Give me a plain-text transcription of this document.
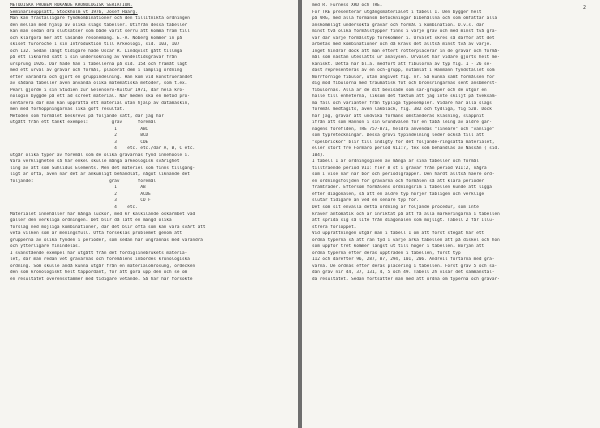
METODISKA PROBEM ROKANDE KRONOLOGISK SERIATION.
Seminarieuppsatt, Stockholm vt 1976, Josef Haarg.
Man kan fraställigare fyndkombinationer och den tillitnikta ordningen
den mellan med hjälp av olika slags tabeller. Utifrån dessa tabeller
kan man sedan dra slutsatser som både varit serru att komma fram till
och klargöra mer att läsande resonemang. E.-A. Nöberg kommer in på
skiset furoroche i sin Introduktion till Arkeologi, sid. 103, 107
och 132. Sedan långt tidigare hade Oscar R. Lindqvist gått tillmga
på ett liknarnd sätt i sin undersökning av Vendeltidsgravar från
ursprung 1926. Där hade han i tabellerna på sid. 154 och framåt lagt
med ett urval av gravar och förmål, placerat dem i lämplig ordning
efter varandra och gjort en gruppindelning. Han kom vid konstruerandet
av sådana tabeller även använda olika matematiska metoder, som t.ex.
Pearl gjorde i sin Studien zur Gelenserv-Kultur 1971, där hela kro-
nologin byggde på ett ad screet material. När meden ska en metod pro-
sentarera där man kan upprätta ett material utan hjälp av datamaskin,
men med förhoppningarnas likä goft resultat.
Metoden som förmålet beskrevs på följande sätt, där jag har
utgått från ett tänkt exempel:         grav      föremål
1         ABC
2         BCD
3         CDE
4    etc. etc./där A, B, C etc.
utgår olika typer av föremål som de olika gravarnas fynd innehöole i.
Vara verkligheten så här enkel skulle många arkeologisk svårighet
ling av att som Suhlidus Elements. Men det materiel som finns tillgäng-
ligt är ofta, även när det är ankumligt behandlat, något liknande det
följande:                             grav       föremål
1         AB
2         ACDE
3         CD F
4    etc.
Materialet innehåller här många luckor, med kr kälkilände oskärmbet vad
gäller den verkliga ordningen. Det blir då lätt en mängd olika
förslag ned möjliga kombinationer, där det blir ofta som kan vara svårt att
veta vilken som är meningsfull. Ofta förseklas problemet genom att
grupperna av olika fynden i perioder, som sedan har ungrännas med varandra
och ytterligare finindelas.
I svanstående exempel har utgått från det fördiglinebrukets materia-
let, där man redan vet gravarnas och föremålens inbördes kronologiska
ordning. Som skulle ändå kunna utgår från en materialomrösung, ordecken
den som kronologiskt helt tappordant, för att göra upp den och se om
en resultatet överensstämmer med tidigare vetande. Så har här försökte
2
med R. Furness XRD och TRE.
För TRE presenterar utgångsmaterialet i tabell 1. Den bygger helt
på VRG, med alla förmänsm betockningar bibehållna och som omfattar alla
anskommligt undersökta gravar och förmål i kombination. D.v.s. där
minst två olika förmålstypper finns i varje grav och med minst två gra-
var där varje förmålstyp förekommer i. Urvalet skres så därför att det
arbetas med kombinationer och då krävs det alltså minst två av varje.
Inget hindrar dock att man eftert rotterplacerar in de gravar och förmå-
mål som nästan uteslätts ur analysen. Urvalet har vidare gjorts helt me-
kaniskt. Detta har bl.a. medfört att fibulorna av typ fig. 1 - 26 se-
dast representeras av en och-grupp, nutamlat i Hanmann fyndstället som
Norrfornige fibulor, utan angivet fig. nr. Så kunna samt förmålsen för
dig mod fibulorna med traumatisk fot och bronsringarnas sent ansbmerst-
fibulornas. Alla är de dit bevisade som sär-grupper och de utgör en
hälle till enheterna, liksom det faktum att jag inte skiljt på tveksam-
ma fall och varianter från typliga typexempler. Vidare har alla slags
föremål medtagits, även läkbläck, fig. 382 och tydliga, fig 520. Dock
har jag, gravar att undvika förmäns omständeras klasning, slappnit
ifrån att som Hannon i sin Grundvalen för en tabå leing av äldre gar-
nagens föreflden, TRE 757-871, heldra anvendas "lineare" och "vanlige"
som typreteckningar. Dessa grovi typindelning leder också till att
"spelbrickor" blir till indigty för det följande-ringsätta materialet,
eller stört fre Formaro perlod VII:7, tex som behandlas av Nässån ( sid.
104).
I tabell 1 är ordningsgiven av många ar sina tabeller och förmål
tillträende period VII: fler 8 st i gravar från period VII:2, några
som i vise när när bor och periodlgrapper. Den hardt alltså haere ord-
en ordningsföljden för gravarna och förmålen så att klara perioder
framträder. Eftersom förmålens ordningsrim i tabellen kunde att ligga
efter diagonalen, så att en äldre typ hörjer tabligen och verklige
slutar tidigare än ved en senare typ för.
Det som sit envälla detta ordning är följande procedur, som inte
kräver antomatik och är inriktat på att få alla markeringarna i tabellen
att sprida sig så lite från diagonalen som möjligt. Tabell 2 får illu-
strera förloppet.
Vid upprättningen utgår man i tabell 1 om att först stegat här ett
ordna typerna så att ran tyd i varje ärka tabellen att på diskel och hon
som uppför tret kommer längst ut till höger i tabellen. Början att
ordna typerna efter deras uppträden i tabellen, först typ
112 och därefter 96, 287, 87, 294, 101, 206. Andreil fortarna med gra-
varna. De ordnas efter deras placering i tabellen. Först grav 5 och sa-
dan grav nir 44, 37, 131, 4, 5 och 49. Tabell 2h visar det sammanstäl-
da resultatet. Sedan fortsätter man med att ordna om typerna och gravar-
